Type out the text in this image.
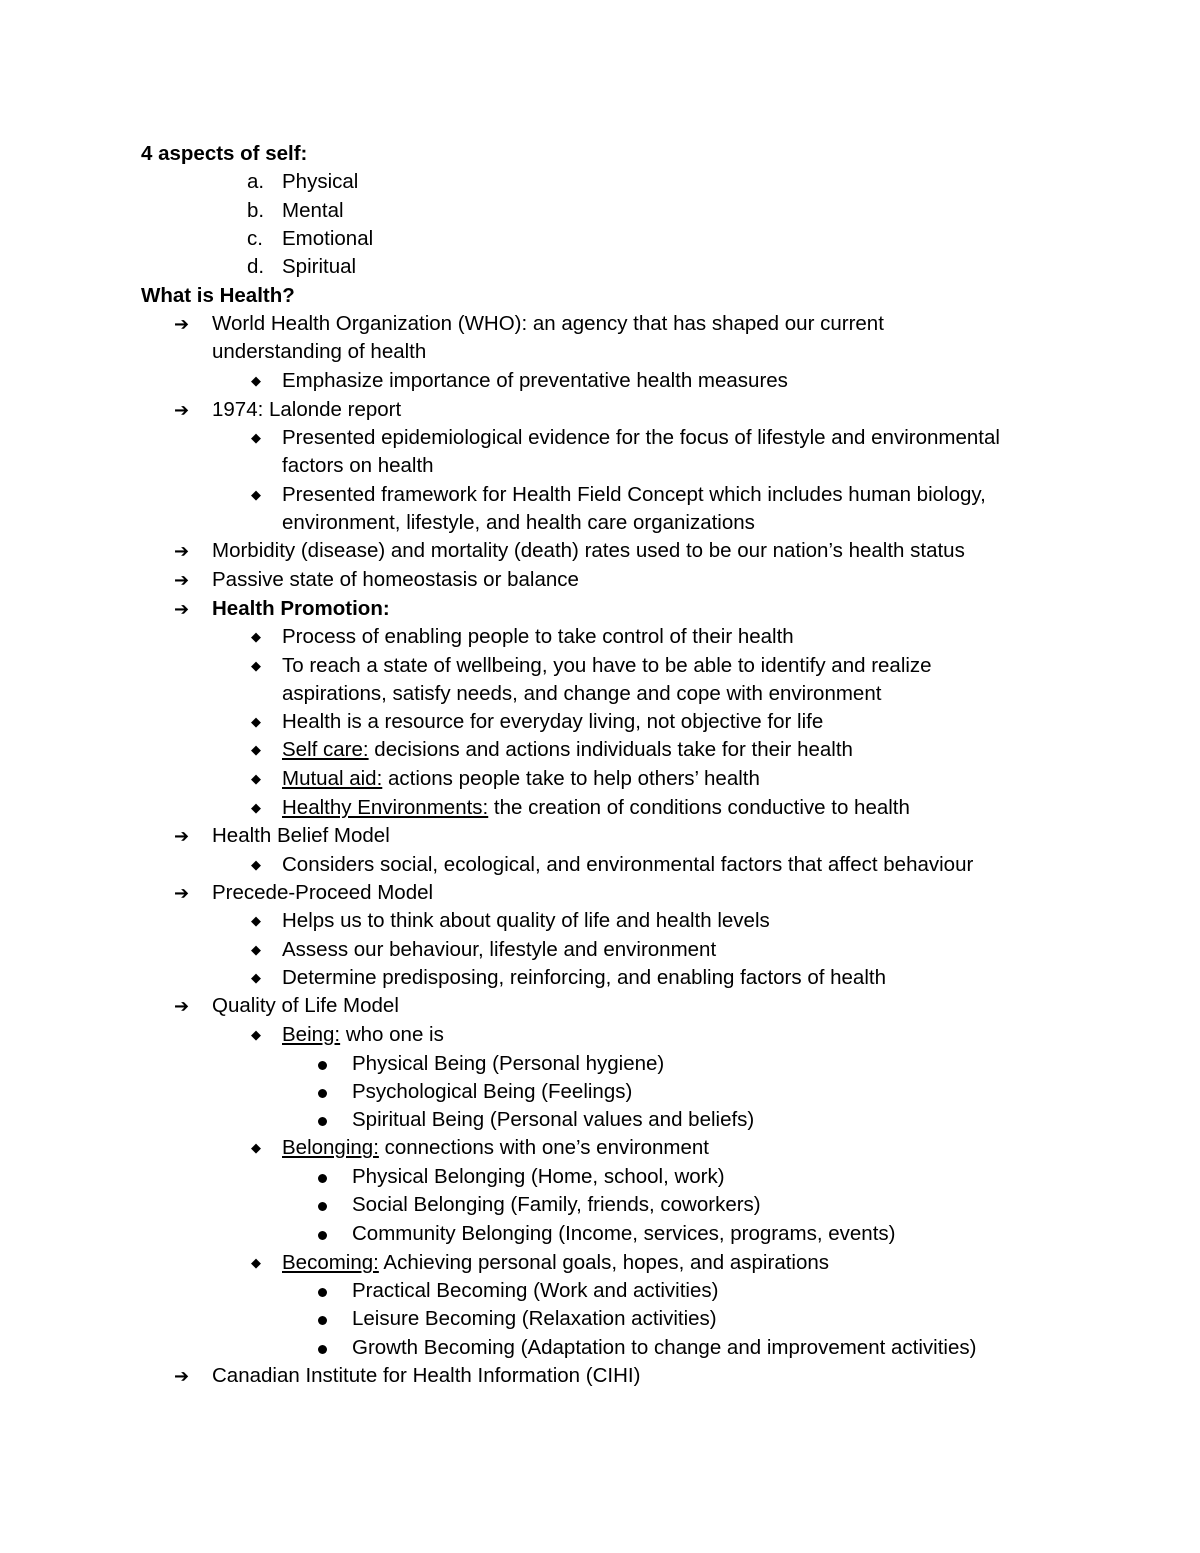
4 aspects of self:
a. Physical
b. Mental
c. Emotional
d. Spiritual
What is Health?
➔ World Health Organization (WHO): an agency that has shaped our current
understanding of health
◆ Emphasize importance of preventative health measures
➔ 1974: Lalonde report
◆ Presented epidemiological evidence for the focus of lifestyle and environmental
factors on health
◆ Presented framework for Health Field Concept which includes human biology,
environment, lifestyle, and health care organizations
➔ Morbidity (disease) and mortality (death) rates used to be our nation’s health status
➔ Passive state of homeostasis or balance
➔ Health Promotion:
◆ Process of enabling people to take control of their health
◆ To reach a state of wellbeing, you have to be able to identify and realize
aspirations, satisfy needs, and change and cope with environment
◆ Health is a resource for everyday living, not objective for life
◆ Self care: decisions and actions individuals take for their health
◆ Mutual aid: actions people take to help others’ health
◆ Healthy Environments: the creation of conditions conductive to health
➔ Health Belief Model
◆ Considers social, ecological, and environmental factors that affect behaviour
➔ Precede-Proceed Model
◆ Helps us to think about quality of life and health levels
◆ Assess our behaviour, lifestyle and environment
◆ Determine predisposing, reinforcing, and enabling factors of health
➔ Quality of Life Model
◆ Being: who one is
Physical Being (Personal hygiene)
Psychological Being (Feelings)
Spiritual Being (Personal values and beliefs)
◆ Belonging: connections with one’s environment
Physical Belonging (Home, school, work)
Social Belonging (Family, friends, coworkers)
Community Belonging (Income, services, programs, events)
◆ Becoming: Achieving personal goals, hopes, and aspirations
Practical Becoming (Work and activities)
Leisure Becoming (Relaxation activities)
Growth Becoming (Adaptation to change and improvement activities)
➔ Canadian Institute for Health Information (CIHI)
